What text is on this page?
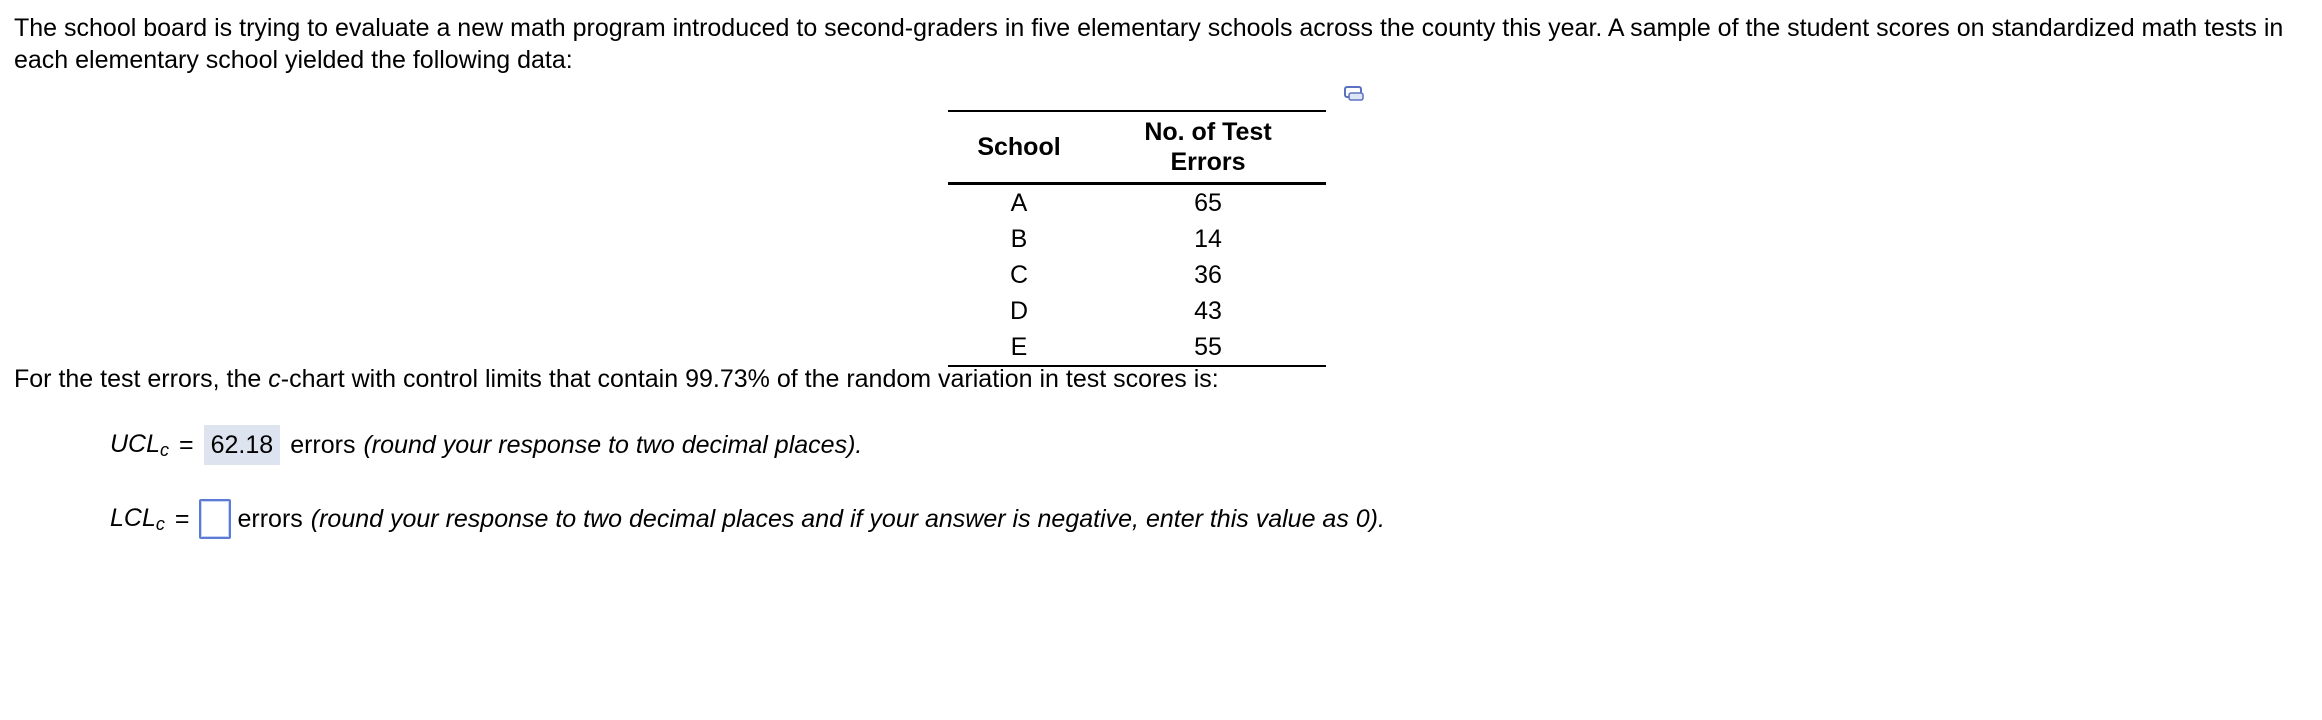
The school board is trying to evaluate a new math program introduced to second-graders in five elementary schools across the county this year. A sample of the student scores on standardized math tests in each elementary school yielded the following data:

School	No. of Test Errors
A	65
B	14
C	36
D	43
E	55

For the test errors, the c-chart with control limits that contain 99.73% of the random variation in test scores is:

$UCL_c = 62.18$ errors (round your response to two decimal places).
$LCL_c$ = errors (round your response to two decimal places and if your answer is negative, enter this value as 0).
